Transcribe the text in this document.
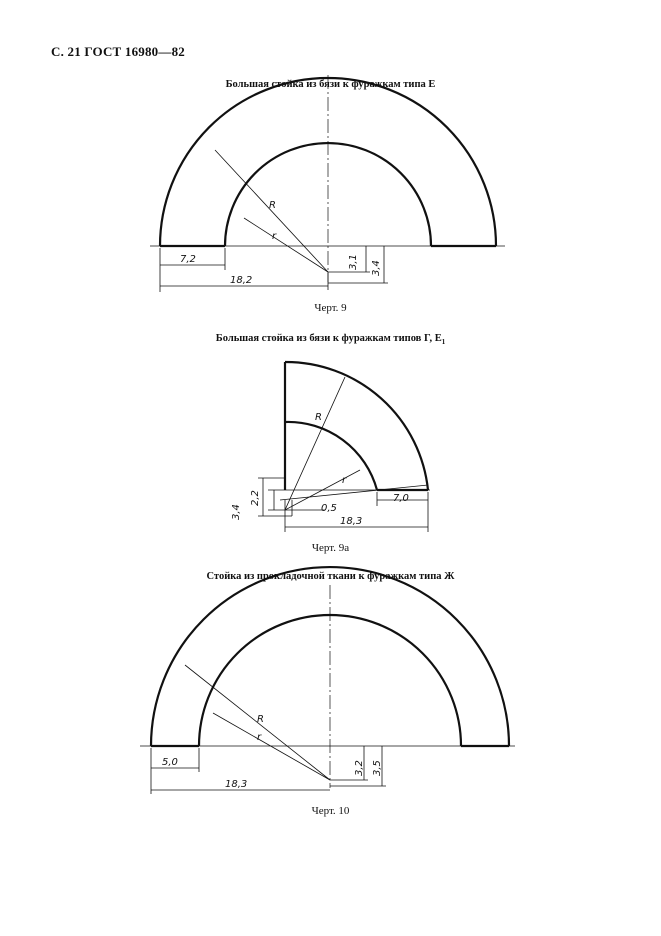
С. 21 ГОСТ 16980—82
Большая стойка из бязи к фуражкам типа Е
R
r
7,2
18,2
3,1 3,4
Черт. 9
Большая стойка из бязи к фуражкам типов Г, $Е_1$
R
r
7,0
18,3
0,5
3,4
2,2
Черт. 9а
Стойка из прокладочной ткани к фуражкам типа Ж
R
r
5,0
18,3
3,2 3,5
Черт. 10
